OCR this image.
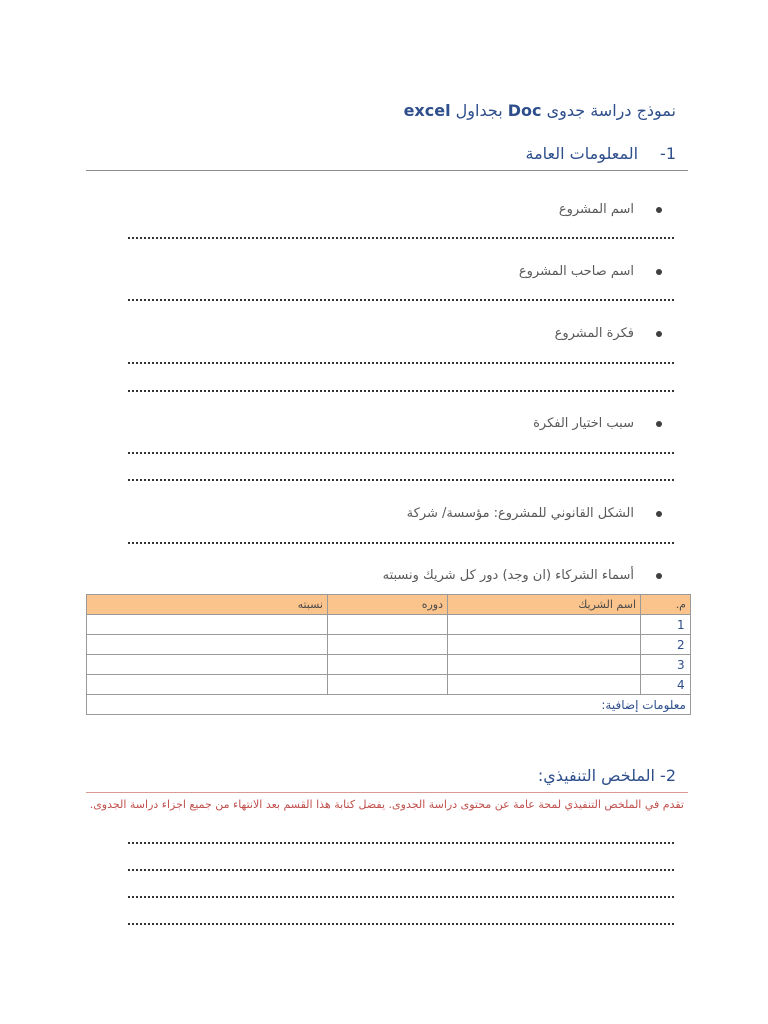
نموذج دراسة جدوى Doc بجداول excel
1-المعلومات العامة
اسم المشروع
اسم صاحب المشروع
فكرة المشروع
سبب اختيار الفكرة
الشكل القانوني للمشروع: مؤسسة/ شركة
أسماء الشركاء (ان وجد) دور كل شريك ونسبته
م.	اسم الشريك	دوره	نسبته
1			
2			
3			
4			
معلومات إضافية:			
2- الملخص التنفيذي:
تقدم في الملخص التنفيذي لمحة عامة عن محتوى دراسة الجدوى. يفضل كتابة هذا القسم بعد الانتهاء من جميع اجزاء دراسة الجدوى.
